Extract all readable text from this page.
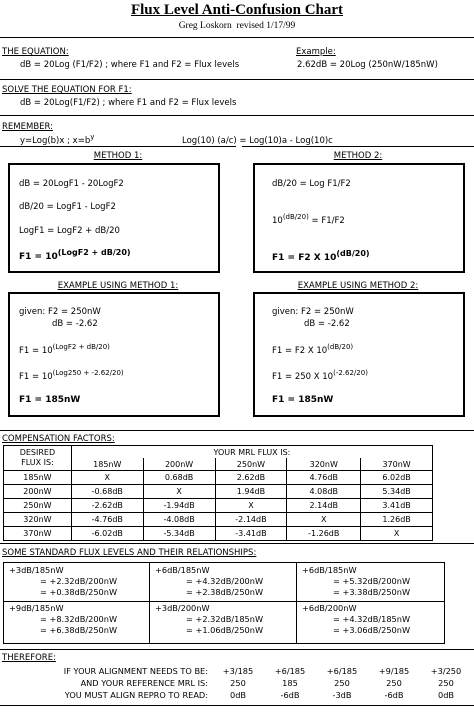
Flux Level Anti-Confusion Chart
Greg Loskorn revised 1/17/99
THE EQUATION:
dB = 20Log (F1/F2) ; where F1 and F2 = Flux levels
Example:
2.62dB = 20Log (250nW/185nW)
SOLVE THE EQUATION FOR F1:
dB = 20Log(F1/F2) ; where F1 and F2 = Flux levels
REMEMBER:
y=Log(b)x ; $x=b^y$	Log(10) (a/c) = Log(10)a - Log(10)c
METHOD 1:
dB = 20LogF1 - 20LogF2
dB/20 = LogF1 - LogF2
LogF1 = LogF2 + dB/20
$F1 = 10^{(LogF2 + dB/20)}$
METHOD 2:
dB/20 = Log F1/F2
$10^{(dB/20)} = F1/F2$
F1 = F2 X $10^{(dB/20)}$
EXAMPLE USING METHOD 1:
given: F2 = 250nW
dB = -2.62
$F1 = 10^{(LogF2 + dB/20)}$
$F1 = 10^{(Log250 + -2.62/20)}$
F1 = 185nW
EXAMPLE USING METHOD 2:
given: F2 = 250nW
dB = -2.62
F1 = F2 X $10^{(dB/20)}$
F1 = 250 X $10^{(-2.62/20)}$
F1 = 185nW
COMPENSATION FACTORS:
DESIRED
FLUX IS:	YOUR MRL FLUX IS:				
	185nW	200nW	250nW	320nW	370nW
185nW	X	0.68dB	2.62dB	4.76dB	6.02dB
200nW	-0.68dB	X	1.94dB	4.08dB	5.34dB
250nW	-2.62dB	-1.94dB	X	2.14dB	3.41dB
320nW	-4.76dB	-4.08dB	-2.14dB	X	1.26dB
370nW	-6.02dB	-5.34dB	-3.41dB	-1.26dB	X
SOME STANDARD FLUX LEVELS AND THEIR RELATIONSHIPS:
+3dB/185nW
= +2.32dB/200nW
= +0.38dB/250nW
+6dB/185nW
= +4.32dB/200nW
= +2.38dB/250nW
+6dB/185nW
= +5.32dB/200nW
= +3.38dB/250nW
+9dB/185nW
= +8.32dB/200nW
= +6.38dB/250nW
+3dB/200nW
= +2.32dB/185nW
= +1.06dB/250nW
+6dB/200nW
= +4.32dB/185nW
= +3.06dB/250nW
THEREFORE:
IF YOUR ALIGNMENT NEEDS TO BE:	+3/185	+6/185	+6/185	+9/185	+3/250
AND YOUR REFERENCE MRL IS:	250	185	250	250	250
YOU MUST ALIGN REPRO TO READ:	0dB	-6dB	-3dB	-6dB	0dB
